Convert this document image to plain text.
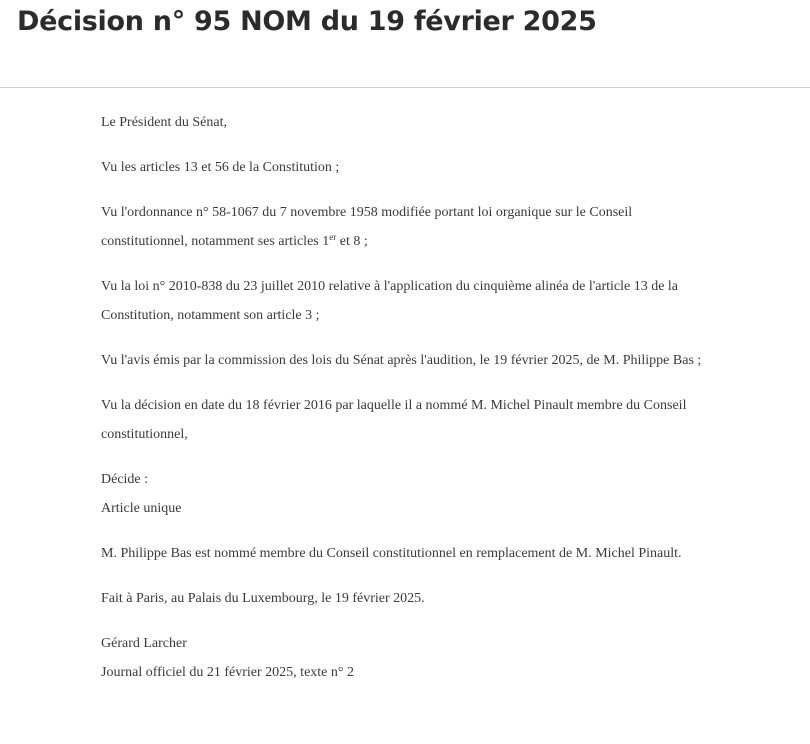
Décision n° 95 NOM du 19 février 2025

Le Président du Sénat,

Vu les articles 13 et 56 de la Constitution ;

Vu l'ordonnance n° 58-1067 du 7 novembre 1958 modifiée portant loi organique sur le Conseil constitutionnel, notamment ses articles 1er et 8 ;

Vu la loi n° 2010-838 du 23 juillet 2010 relative à l'application du cinquième alinéa de l'article 13 de la Constitution, notamment son article 3 ;

Vu l'avis émis par la commission des lois du Sénat après l'audition, le 19 février 2025, de M. Philippe Bas ;

Vu la décision en date du 18 février 2016 par laquelle il a nommé M. Michel Pinault membre du Conseil constitutionnel,

Décide :

Article unique

M. Philippe Bas est nommé membre du Conseil constitutionnel en remplacement de M. Michel Pinault.

Fait à Paris, au Palais du Luxembourg, le 19 février 2025.

Gérard Larcher

Journal officiel du 21 février 2025, texte n° 2
